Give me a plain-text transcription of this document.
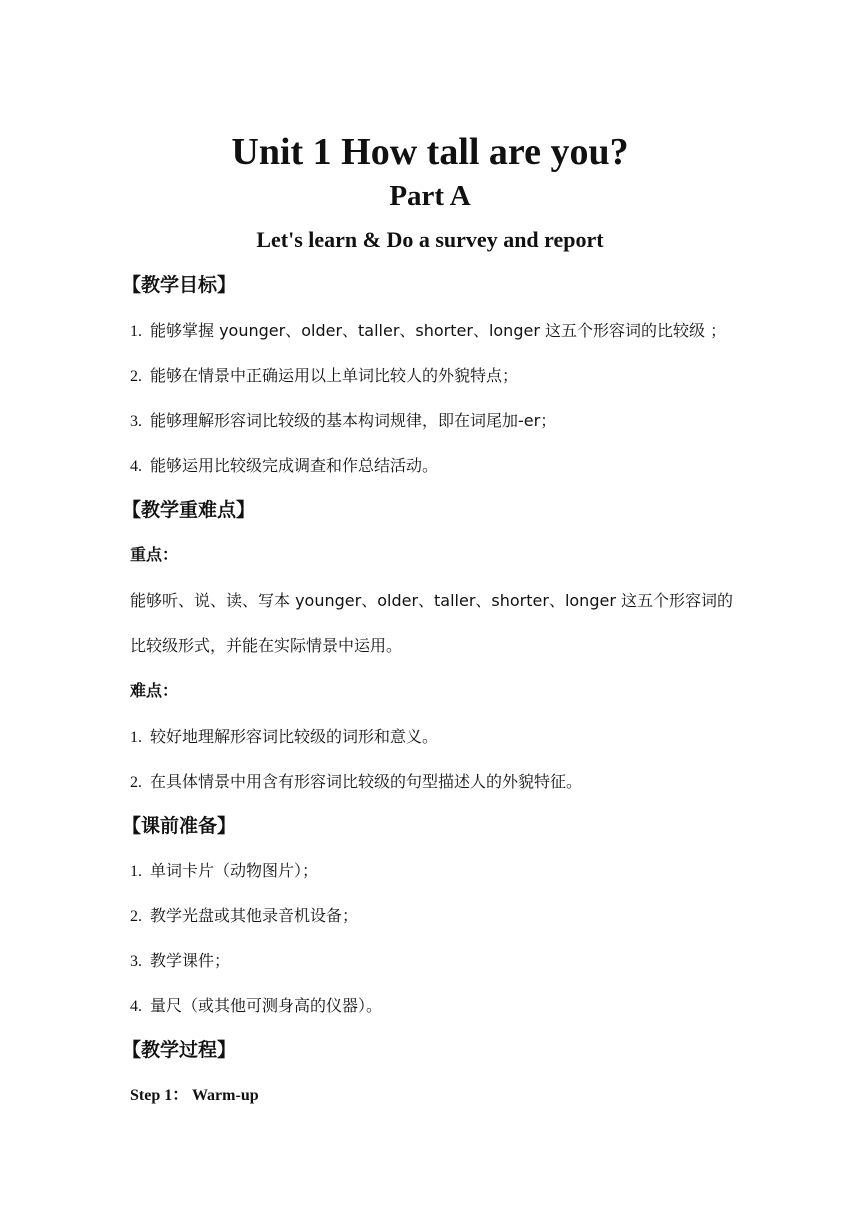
Unit 1 How tall are you?
Part A
Let's learn & Do a survey and report
【教学目标】
1. 能够掌握 younger、older、taller、shorter、longer 这五个形容词的比较级 ；
2. 能够在情景中正确运用以上单词比较人的外貌特点；
3. 能够理解形容词比较级的基本构词规律，即在词尾加-er；
4. 能够运用比较级完成调查和作总结活动。
【教学重难点】
重点：
能够听、说、读、写本 younger、older、taller、shorter、longer 这五个形容词的
比较级形式，并能在实际情景中运用。
难点：
1. 较好地理解形容词比较级的词形和意义。
2. 在具体情景中用含有形容词比较级的句型描述人的外貌特征。
【课前准备】
1. 单词卡片（动物图片）；
2. 教学光盘或其他录音机设备；
3. 教学课件；
4. 量尺（或其他可测身高的仪器）。
【教学过程】
Step 1： Warm-up
